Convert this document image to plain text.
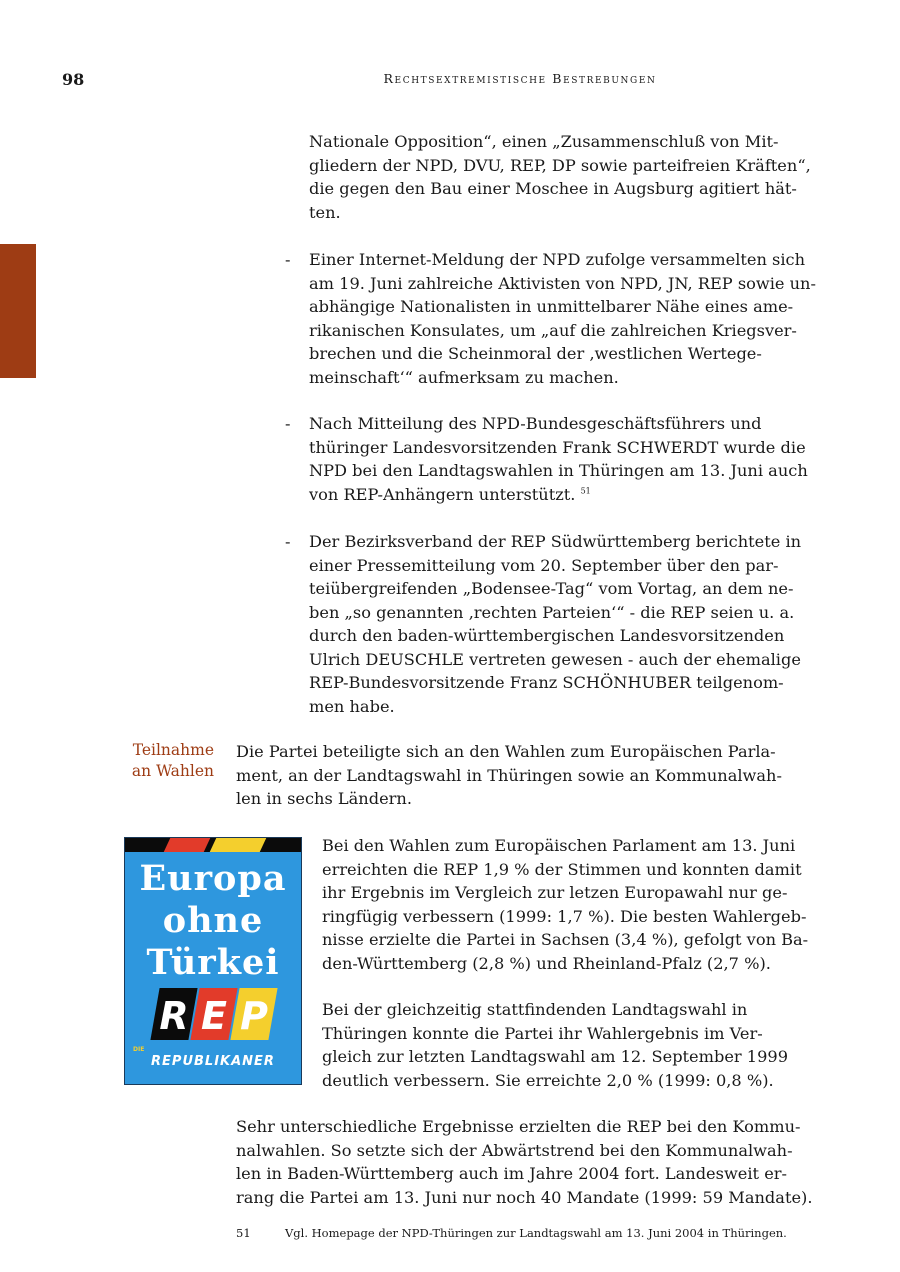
98	Rechtsextremistische Bestrebungen

Nationale Opposition“, einen „Zusammenschluß von Mit-
gliedern der NPD, DVU, REP, DP sowie parteifreien Kräften“,
die gegen den Bau einer Moschee in Augsburg agitiert hät-
ten.

- Einer Internet-Meldung der NPD zufolge versammelten sich
am 19. Juni zahlreiche Aktivisten von NPD, JN, REP sowie un-
abhängige Nationalisten in unmittelbarer Nähe eines ame-
rikanischen Konsulates, um „auf die zahlreichen Kriegsver-
brechen und die Scheinmoral der ‚westlichen Wertege-
meinschaft‘“ aufmerksam zu machen.

- Nach Mitteilung des NPD-Bundesgeschäftsführers und
thüringer Landesvorsitzenden Frank SCHWERDT wurde die
NPD bei den Landtagswahlen in Thüringen am 13. Juni auch
von REP-Anhängern unterstützt. $^{51}$

- Der Bezirksverband der REP Südwürttemberg berichtete in
einer Pressemitteilung vom 20. September über den par-
teiübergreifenden „Bodensee-Tag“ vom Vortag, an dem ne-
ben „so genannten ‚rechten Parteien‘“ - die REP seien u. a.
durch den baden-württembergischen Landesvorsitzenden
Ulrich DEUSCHLE vertreten gewesen - auch der ehemalige
REP-Bundesvorsitzende Franz SCHÖNHUBER teilgenom-
men habe.

Teilnahme
an Wahlen

Die Partei beteiligte sich an den Wahlen zum Europäischen Parla-
ment, an der Landtagswahl in Thüringen sowie an Kommunalwah-
len in sechs Ländern.

Europa
ohne
Türkei
R E P
DIE
REPUBLIKANER

Bei den Wahlen zum Europäischen Parlament am 13. Juni
erreichten die REP 1,9 % der Stimmen und konnten damit
ihr Ergebnis im Vergleich zur letzen Europawahl nur ge-
ringfügig verbessern (1999: 1,7 %). Die besten Wahlergeb-
nisse erzielte die Partei in Sachsen (3,4 %), gefolgt von Ba-
den-Württemberg (2,8 %) und Rheinland-Pfalz (2,7 %).

Bei der gleichzeitig stattfindenden Landtagswahl in
Thüringen konnte die Partei ihr Wahlergebnis im Ver-
gleich zur letzten Landtagswahl am 12. September 1999
deutlich verbessern. Sie erreichte 2,0 % (1999: 0,8 %).

Sehr unterschiedliche Ergebnisse erzielten die REP bei den Kommu-
nalwahlen. So setzte sich der Abwärtstrend bei den Kommunalwah-
len in Baden-Württemberg auch im Jahre 2004 fort. Landesweit er-
rang die Partei am 13. Juni nur noch 40 Mandate (1999: 59 Mandate).

51	Vgl. Homepage der NPD-Thüringen zur Landtagswahl am 13. Juni 2004 in Thüringen.
